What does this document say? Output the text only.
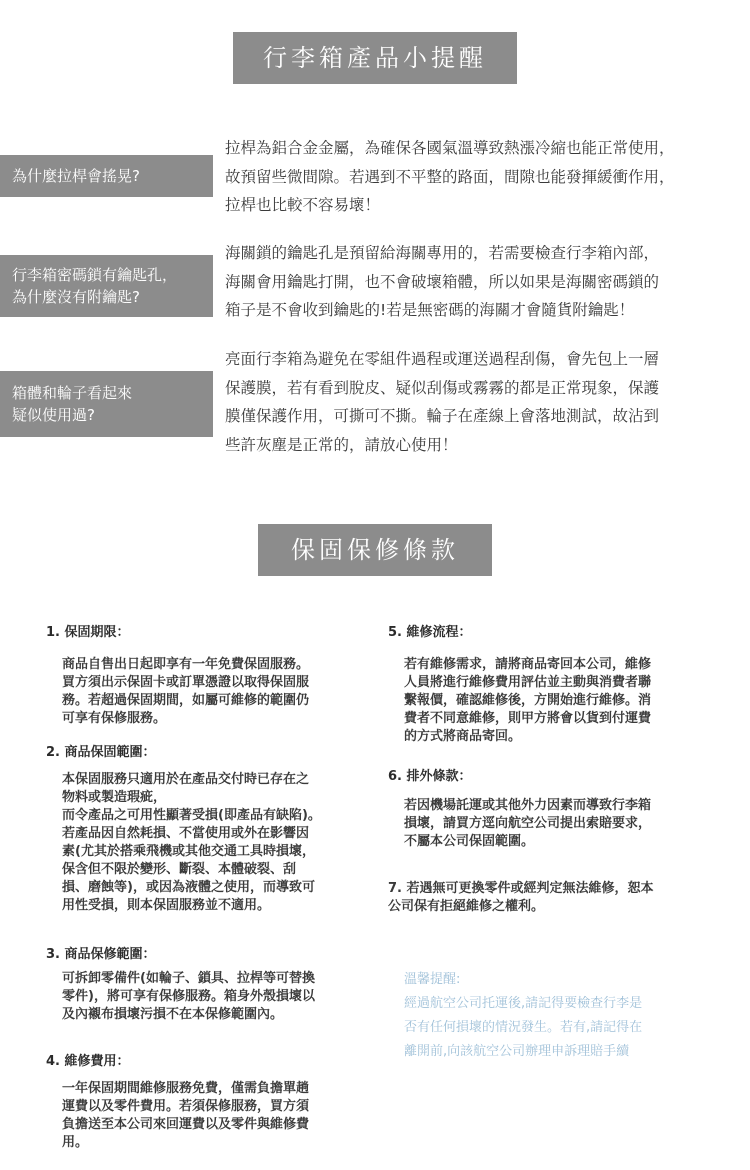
行李箱產品小提醒
為什麼拉桿會搖晃?
拉桿為鋁合金金屬，為確保各國氣溫導致熱漲冷縮也能正常使用，
故預留些微間隙。若遇到不平整的路面，間隙也能發揮緩衝作用，
拉桿也比較不容易壞！
行李箱密碼鎖有鑰匙孔，
為什麼沒有附鑰匙?
海關鎖的鑰匙孔是預留給海關專用的，若需要檢查行李箱內部，
海關會用鑰匙打開，也不會破壞箱體，所以如果是海關密碼鎖的
箱子是不會收到鑰匙的!若是無密碼的海關才會隨貨附鑰匙！
箱體和輪子看起來
疑似使用過?
亮面行李箱為避免在零組件過程或運送過程刮傷，會先包上一層
保護膜，若有看到脫皮、疑似刮傷或霧霧的都是正常現象，保護
膜僅保護作用，可撕可不撕。輪子在產線上會落地測試，故沾到
些許灰塵是正常的，請放心使用！
保固保修條款
1. 保固期限：
商品自售出日起即享有一年免費保固服務。
買方須出示保固卡或訂單憑證以取得保固服
務。若超過保固期間，如屬可維修的範圍仍
可享有保修服務。
2. 商品保固範圍：
本保固服務只適用於在產品交付時已存在之
物料或製造瑕疵，
而令產品之可用性顯著受損(即產品有缺陷)。
若產品因自然耗損、不當使用或外在影響因
素(尤其於搭乘飛機或其他交通工具時損壞，
保含但不限於變形、斷裂、本體破裂、刮
損、磨蝕等)，或因為液體之使用，而導致可
用性受損，則本保固服務並不適用。
3. 商品保修範圍：
可拆卸零備件(如輪子、鎖具、拉桿等可替換
零件)，將可享有保修服務。箱身外殼損壞以
及內襯布損壞污損不在本保修範圍內。
4. 維修費用：
一年保固期間維修服務免費，僅需負擔單趟
運費以及零件費用。若須保修服務，買方須
負擔送至本公司來回運費以及零件與維修費
用。
5. 維修流程：
若有維修需求，請將商品寄回本公司，維修
人員將進行維修費用評估並主動與消費者聯
繫報價，確認維修後，方開始進行維修。消
費者不同意維修，則甲方將會以貨到付運費
的方式將商品寄回。
6. 排外條款：
若因機場託運或其他外力因素而導致行李箱
損壞，請買方逕向航空公司提出索賠要求，
不屬本公司保固範圍。
7. 若遇無可更換零件或經判定無法維修，恕本
公司保有拒絕維修之權利。
溫馨提醒:
經過航空公司托運後,請記得要檢查行李是
否有任何損壞的情況發生。若有,請記得在
離開前,向該航空公司辦理申訴理賠手續
